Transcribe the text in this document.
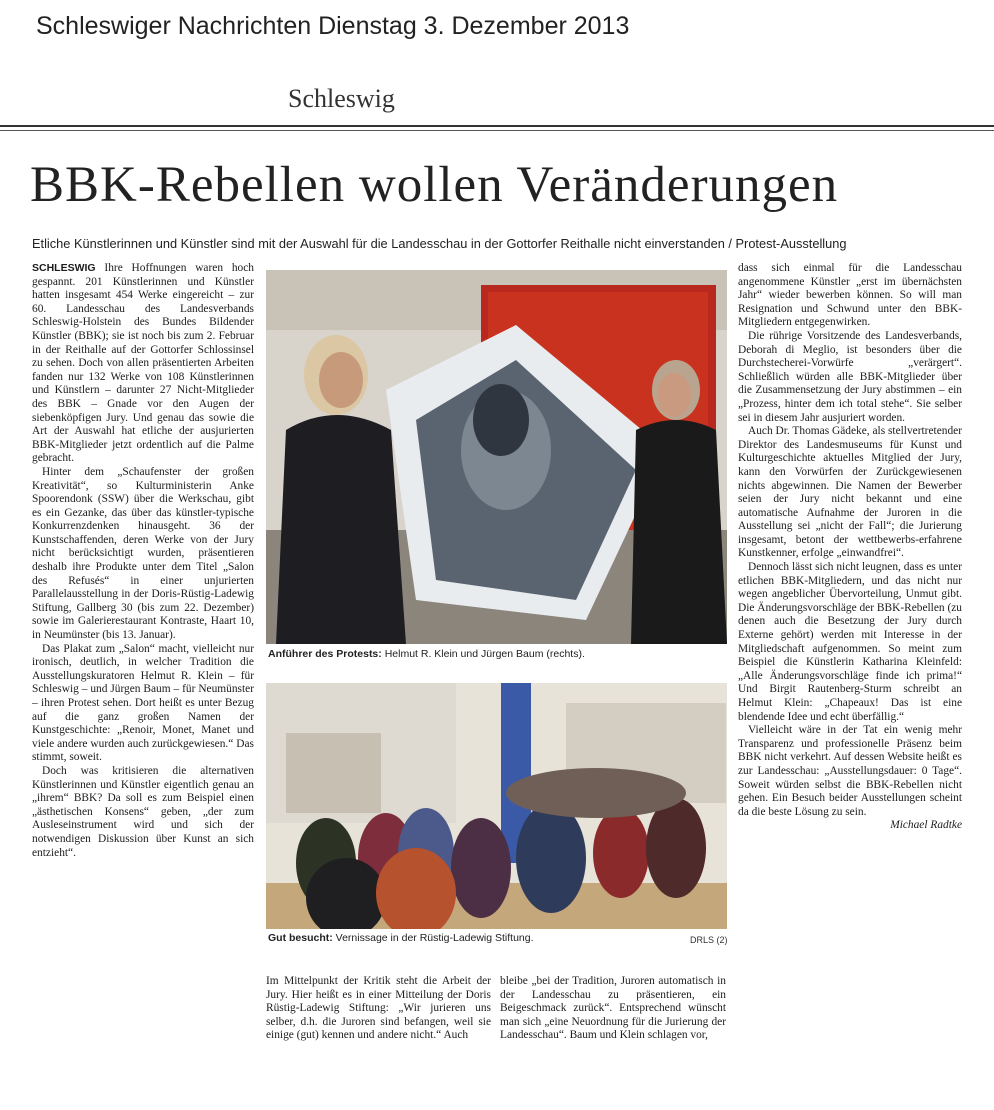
Schleswiger Nachrichten Dienstag 3. Dezember 2013
Schleswig
BBK-Rebellen wollen Veränderungen
Etliche Künstlerinnen und Künstler sind mit der Auswahl für die Landesschau in der Gottorfer Reithalle nicht einverstanden / Protest-Ausstellung

SCHLESWIG Ihre Hoffnungen waren hoch gespannt. 201 Künstlerinnen und Künstler hatten insgesamt 454 Werke eingereicht – zur 60. Landesschau des Landesverbands Schleswig-Holstein des Bundes Bildender Künstler (BBK); sie ist noch bis zum 2. Februar in der Reithalle auf der Gottorfer Schlossinsel zu sehen. Doch von allen präsentierten Arbeiten fanden nur 132 Werke von 108 Künstlerinnen und Künstlern – darunter 27 Nicht-Mitglieder des BBK – Gnade vor den Augen der siebenköpfigen Jury. Und genau das sowie die Art der Auswahl hat etliche der ausjurierten BBK-Mitglieder jetzt ordentlich auf die Palme gebracht.

Hinter dem „Schaufenster der großen Kreativität“, so Kulturministerin Anke Spoorendonk (SSW) über die Werkschau, gibt es ein Gezanke, das über das künstler-typische Konkurrenzdenken hinausgeht. 36 der Kunstschaffenden, deren Werke von der Jury nicht berücksichtigt wurden, präsentieren deshalb ihre Produkte unter dem Titel „Salon des Refusés“ in einer unjurierten Parallelausstellung in der Doris-Rüstig-Ladewig Stiftung, Gallberg 30 (bis zum 22. Dezember) sowie im Galerierestaurant Kontraste, Haart 10, in Neumünster (bis 13. Januar).

Das Plakat zum „Salon“ macht, vielleicht nur ironisch, deutlich, in welcher Tradition die Ausstellungskuratoren Helmut R. Klein – für Schleswig – und Jürgen Baum – für Neumünster – ihren Protest sehen. Dort heißt es unter Bezug auf die ganz großen Namen der Kunstgeschichte: „Renoir, Monet, Manet und viele andere wurden auch zurückgewiesen.“ Das stimmt, soweit.

Doch was kritisieren die alternativen Künstlerinnen und Künstler eigentlich genau an „ihrem“ BBK? Da soll es zum Beispiel einen „ästhetischen Konsens“ geben, „der zum Ausleseinstrument wird und sich der notwendigen Diskussion über Kunst an sich entzieht“.

Anführer des Protests: Helmut R. Klein und Jürgen Baum (rechts).
Gut besucht: Vernissage in der Rüstig-Ladewig Stiftung.	DRLS (2)

Im Mittelpunkt der Kritik steht die Arbeit der Jury. Hier heißt es in einer Mitteilung der Doris Rüstig-Ladewig Stiftung: „Wir jurieren uns selber, d.h. die Juroren sind befangen, weil sie einige (gut) kennen und andere nicht.“ Auch

bleibe „bei der Tradition, Juroren automatisch in der Landesschau zu präsentieren, ein Beigeschmack zurück“. Entsprechend wünscht man sich „eine Neuordnung für die Jurierung der Landesschau“. Baum und Klein schlagen vor,

dass sich einmal für die Landesschau angenommene Künstler „erst im übernächsten Jahr“ wieder bewerben können. So will man Resignation und Schwund unter den BBK-Mitgliedern entgegenwirken.

Die rührige Vorsitzende des Landesverbands, Deborah di Meglio, ist besonders über die Durchstecherei-Vorwürfe „verärgert“. Schließlich würden alle BBK-Mitglieder über die Zusammensetzung der Jury abstimmen – ein „Prozess, hinter dem ich total stehe“. Sie selber sei in diesem Jahr ausjuriert worden.

Auch Dr. Thomas Gädeke, als stellvertretender Direktor des Landesmuseums für Kunst und Kulturgeschichte aktuelles Mitglied der Jury, kann den Vorwürfen der Zurückgewiesenen nichts abgewinnen. Die Namen der Bewerber seien der Jury nicht bekannt und eine automatische Aufnahme der Juroren in die Ausstellung sei „nicht der Fall“; die Jurierung insgesamt, betont der wettbewerbs-erfahrene Kunstkenner, erfolge „einwandfrei“.

Dennoch lässt sich nicht leugnen, dass es unter etlichen BBK-Mitgliedern, und das nicht nur wegen angeblicher Übervorteilung, Unmut gibt. Die Änderungsvorschläge der BBK-Rebellen (zu denen auch die Besetzung der Jury durch Externe gehört) werden mit Interesse in der Mitgliedschaft aufgenommen. So meint zum Beispiel die Künstlerin Katharina Kleinfeld: „Alle Änderungsvorschläge finde ich prima!“ Und Birgit Rautenberg-Sturm schreibt an Helmut Klein: „Chapeaux! Das ist eine blendende Idee und echt überfällig.“

Vielleicht wäre in der Tat ein wenig mehr Transparenz und professionelle Präsenz beim BBK nicht verkehrt. Auf dessen Website heißt es zur Landesschau: „Ausstellungsdauer: 0 Tage“. Soweit würden selbst die BBK-Rebellen nicht gehen. Ein Besuch beider Ausstellungen scheint da die beste Lösung zu sein.

Michael Radtke
